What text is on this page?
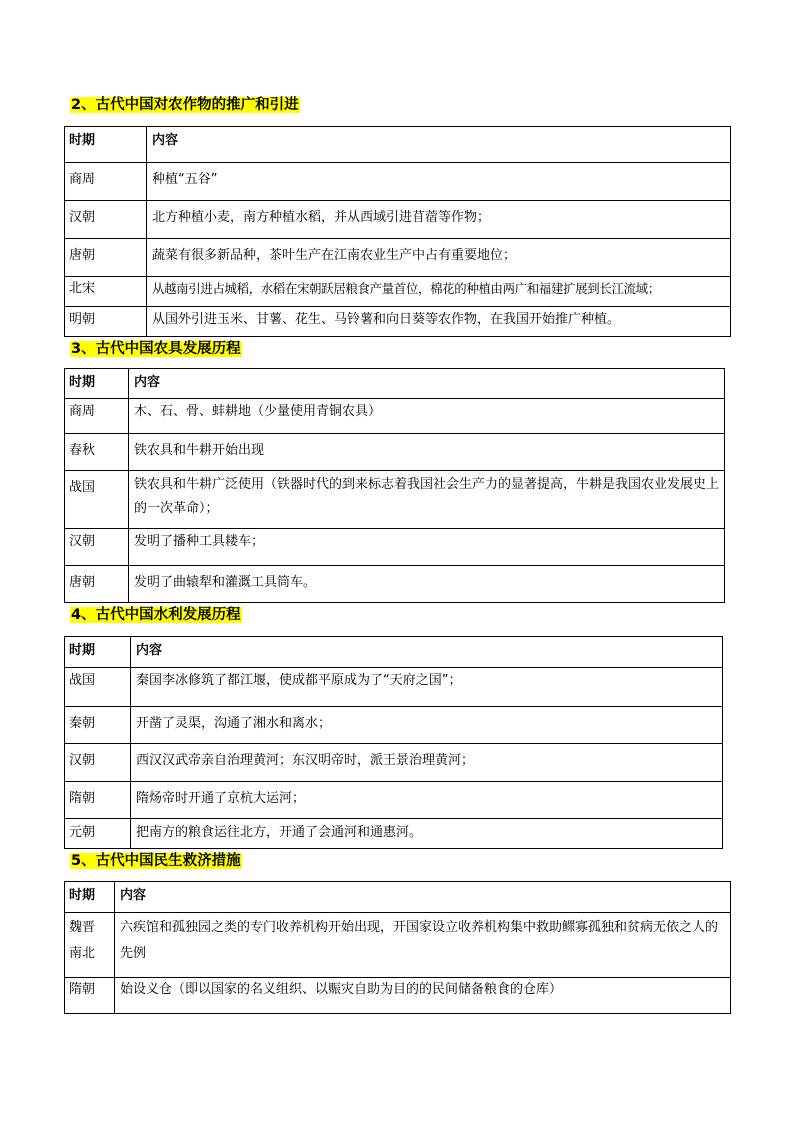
2、古代中国对农作物的推广和引进
时期	内容

商周	种植“五谷”

汉朝	北方种植小麦，南方种植水稻，并从西域引进苜蓿等作物；

唐朝	蔬菜有很多新品种，茶叶生产在江南农业生产中占有重要地位；

北宋	从越南引进占城稻，水稻在宋朝跃居粮食产量首位，棉花的种植由两广和福建扩展到长江流域；

明朝	从国外引进玉米、甘薯、花生、马铃薯和向日葵等农作物，在我国开始推广种植。
3、古代中国农具发展历程
时期	内容

商周	木、石、骨、蚌耕地（少量使用青铜农具）

春秋	铁农具和牛耕开始出现

战国	铁农具和牛耕广泛使用（铁器时代的到来标志着我国社会生产力的显著提高，牛耕是我国农业发展史上的一次革命）；

汉朝	发明了播种工具耧车；

唐朝	发明了曲辕犁和灌溉工具筒车。
4、古代中国水利发展历程
时期	内容

战国	秦国李冰修筑了都江堰，使成都平原成为了“天府之国”；

秦朝	开凿了灵渠，沟通了湘水和离水；

汉朝	西汉汉武帝亲自治理黄河；东汉明帝时，派王景治理黄河；

隋朝	隋炀帝时开通了京杭大运河；

元朝	把南方的粮食运往北方，开通了会通河和通惠河。
5、古代中国民生救济措施
时期	内容

魏晋南北	六疾馆和孤独园之类的专门收养机构开始出现，开国家设立收养机构集中救助鳏寡孤独和贫病无依之人的先例

隋朝	始设义仓（即以国家的名义组织、以赈灾自助为目的的民间储备粮食的仓库）
